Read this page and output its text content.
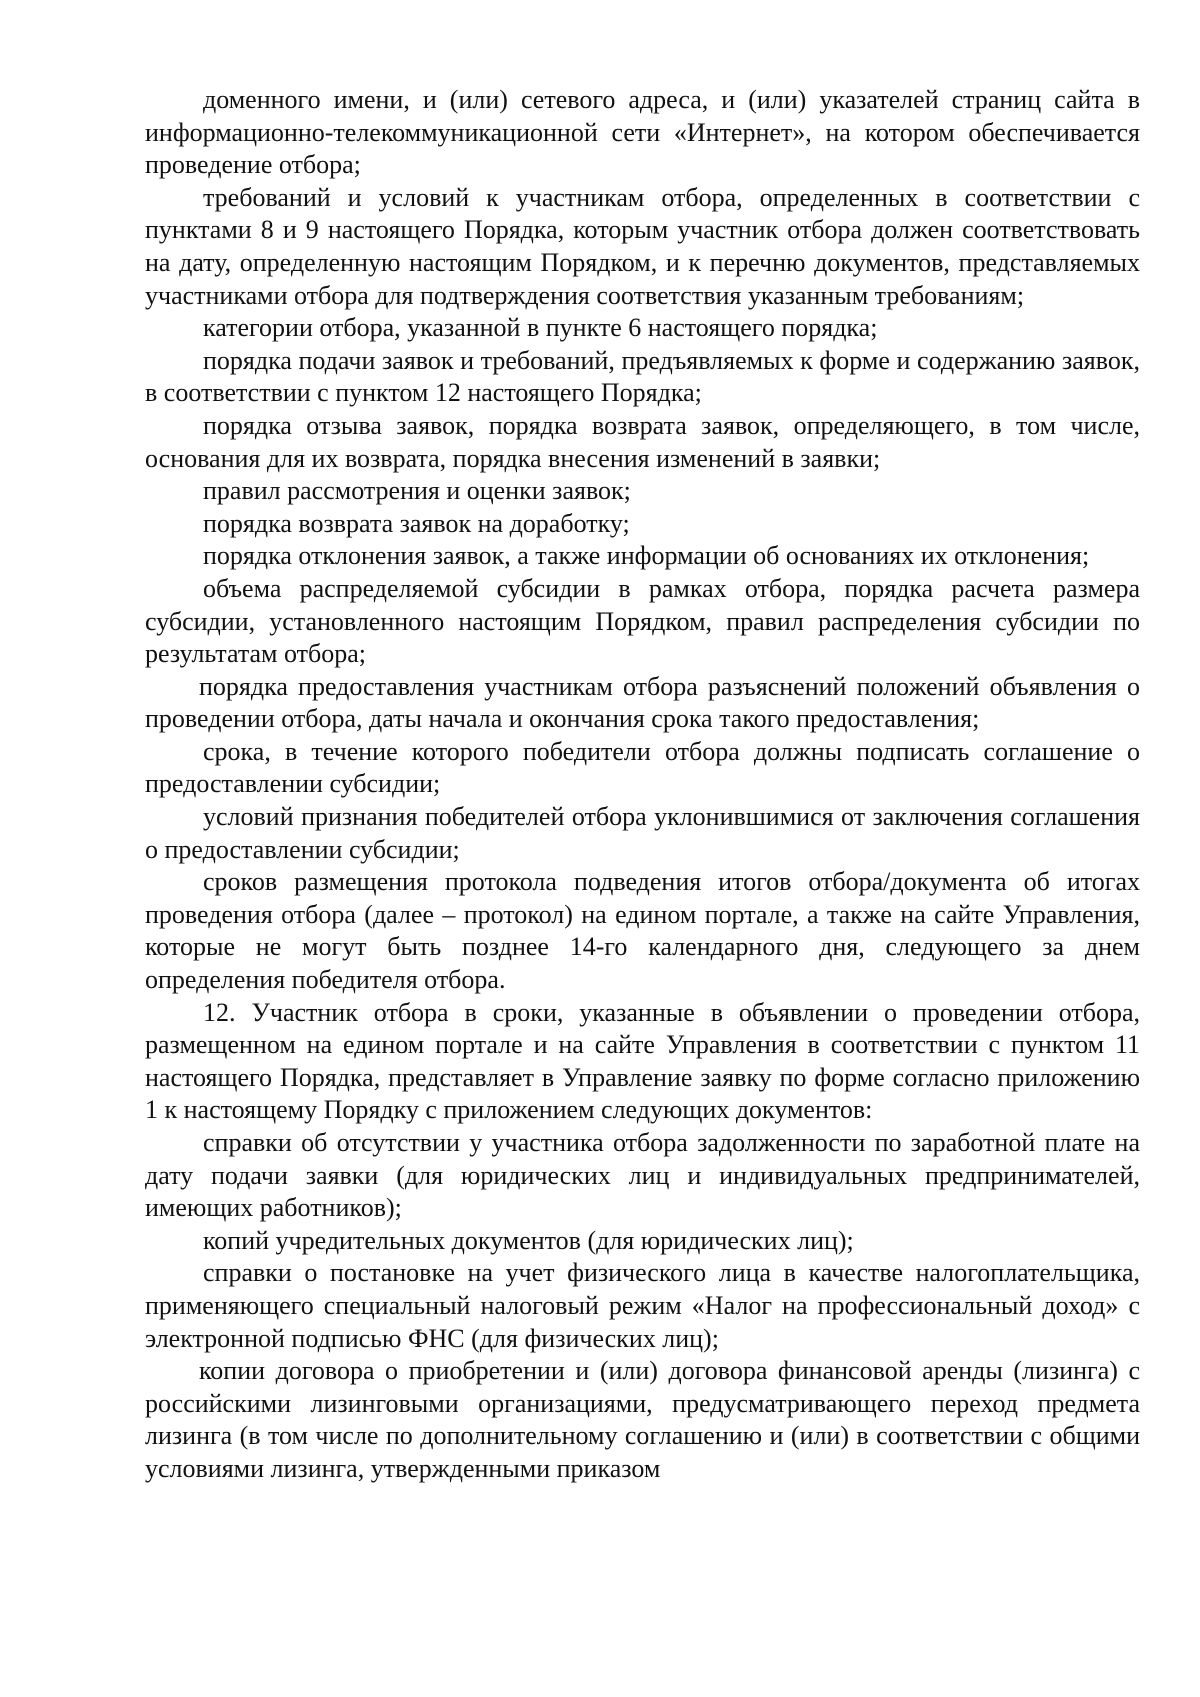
доменного имени, и (или) сетевого адреса, и (или) указателей страниц сайта в информационно-телекоммуникационной сети «Интернет», на котором обеспечивается проведение отбора;

требований и условий к участникам отбора, определенных в соответствии с пунктами 8 и 9 настоящего Порядка, которым участник отбора должен соответствовать на дату, определенную настоящим Порядком, и к перечню документов, представляемых участниками отбора для подтверждения соответствия указанным требованиям;

категории отбора, указанной в пункте 6 настоящего порядка;

порядка подачи заявок и требований, предъявляемых к форме и содержанию заявок, в соответствии с пунктом 12 настоящего Порядка;

порядка отзыва заявок, порядка возврата заявок, определяющего, в том числе, основания для их возврата, порядка внесения изменений в заявки;

правил рассмотрения и оценки заявок;

порядка возврата заявок на доработку;

порядка отклонения заявок, а также информации об основаниях их отклонения;

объема распределяемой субсидии в рамках отбора, порядка расчета размера субсидии, установленного настоящим Порядком, правил распределения субсидии по результатам отбора;

порядка предоставления участникам отбора разъяснений положений объявления о проведении отбора, даты начала и окончания срока такого предоставления;

срока, в течение которого победители отбора должны подписать соглашение о предоставлении субсидии;

условий признания победителей отбора уклонившимися от заключения соглашения о предоставлении субсидии;

сроков размещения протокола подведения итогов отбора/документа об итогах проведения отбора (далее – протокол) на едином портале, а также на сайте Управления, которые не могут быть позднее 14-го календарного дня, следующего за днем определения победителя отбора.

12. Участник отбора в сроки, указанные в объявлении о проведении отбора, размещенном на едином портале и на сайте Управления в соответствии с пунктом 11 настоящего Порядка, представляет в Управление заявку по форме согласно приложению 1 к настоящему Порядку с приложением следующих документов:

справки об отсутствии у участника отбора задолженности по заработной плате на дату подачи заявки (для юридических лиц и индивидуальных предпринимателей, имеющих работников);

копий учредительных документов (для юридических лиц);

справки о постановке на учет физического лица в качестве налогоплательщика, применяющего специальный налоговый режим «Налог на профессиональный доход» с электронной подписью ФНС (для физических лиц);

копии договора о приобретении и (или) договора финансовой аренды (лизинга) с российскими лизинговыми организациями, предусматривающего переход предмета лизинга (в том числе по дополнительному соглашению и (или) в соответствии с общими условиями лизинга, утвержденными приказом
